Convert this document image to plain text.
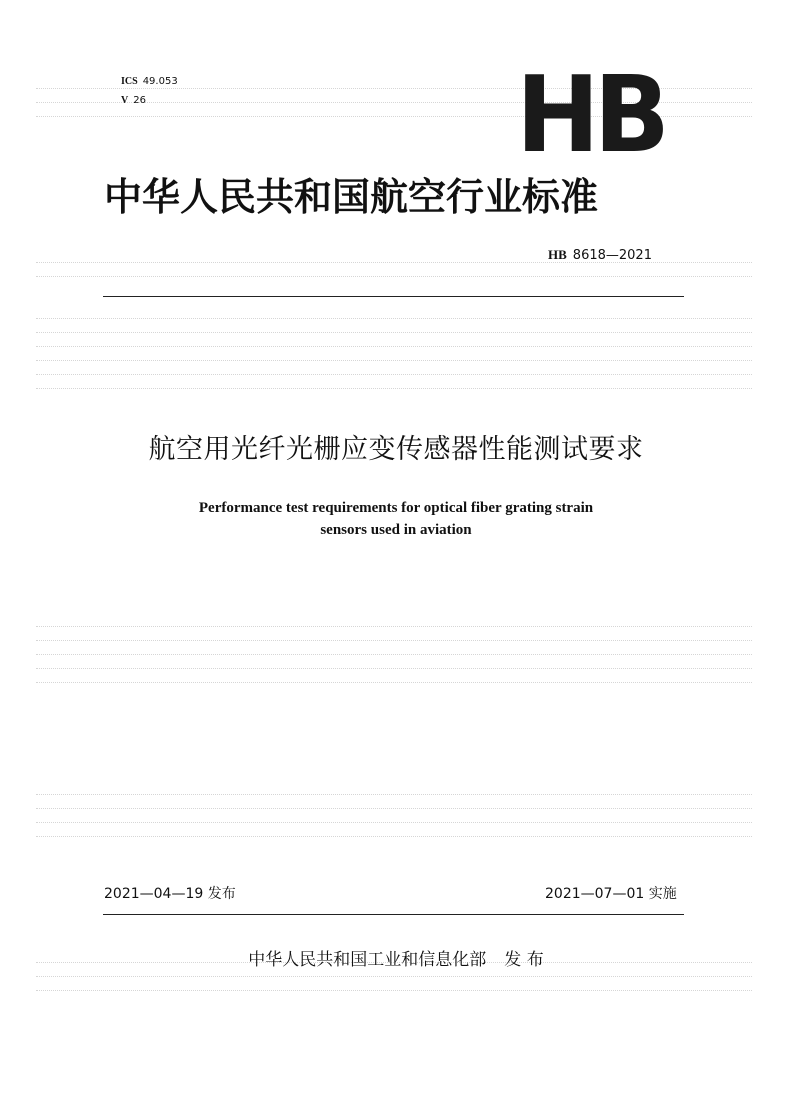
ICS 49.053
V 26	HB
中华人民共和国航空行业标准
HB 8618—2021
航空用光纤光栅应变传感器性能测试要求
Performance test requirements for optical fiber grating strain
sensors used in aviation
2021—04—19 发布	2021—07—01 实施
中华人民共和国工业和信息化部 发 布
